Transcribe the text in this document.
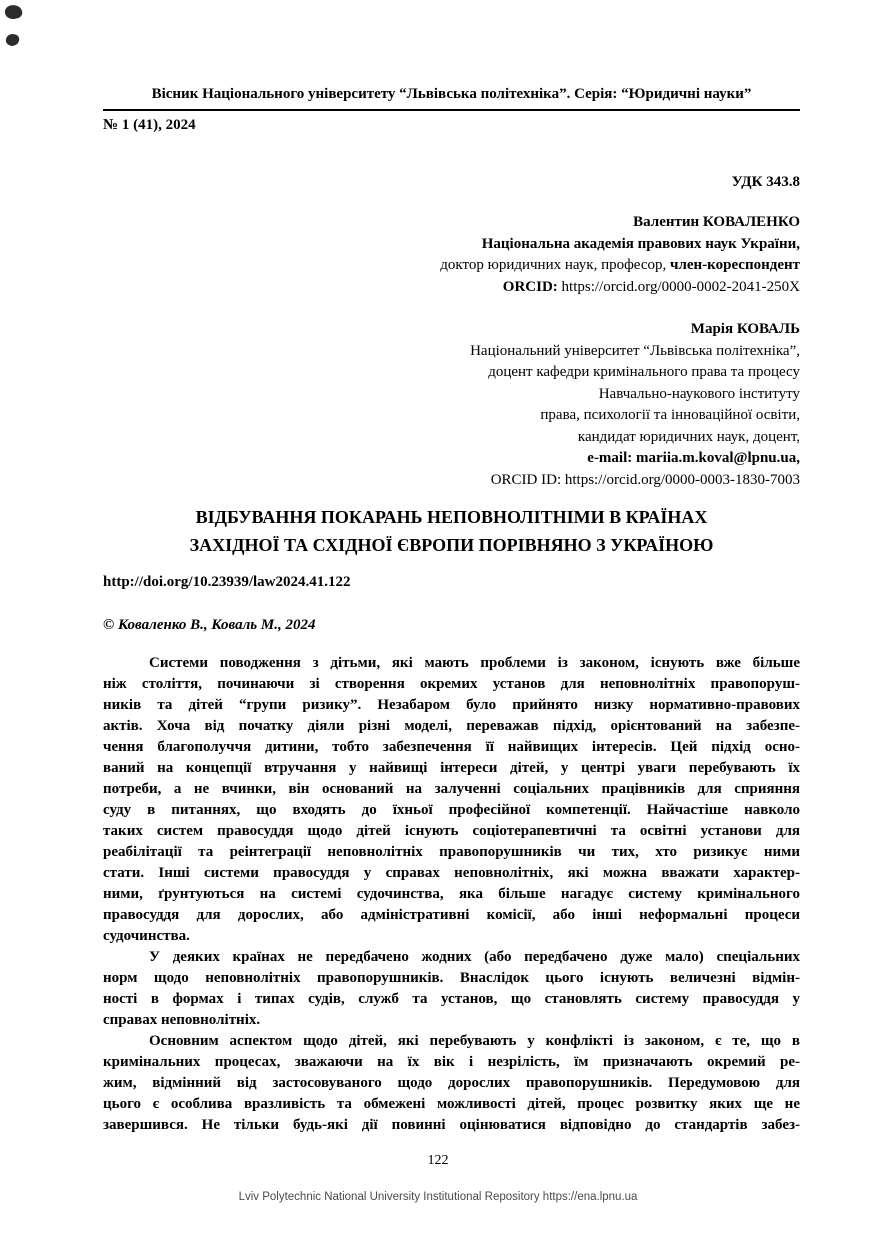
Вісник Національного університету “Львівська політехніка”. Серія: “Юридичні науки”
№ 1 (41), 2024
УДК 343.8
Валентин КОВАЛЕНКО
Національна академія правових наук України,
доктор юридичних наук, професор, член-кореспондент
ORCID: https://orcid.org/0000-0002-2041-250X
Марія КОВАЛЬ
Національний університет “Львівська політехніка”,
доцент кафедри кримінального права та процесу
Навчально-наукового інституту
права, психології та інноваційної освіти,
кандидат юридичних наук, доцент,
e-mail: mariia.m.koval@lpnu.ua,
ORCID ID: https://orcid.org/0000-0003-1830-7003
ВІДБУВАННЯ ПОКАРАНЬ НЕПОВНОЛІТНІМИ В КРАЇНАХ
ЗАХІДНОЇ ТА СХІДНОЇ ЄВРОПИ ПОРІВНЯНО З УКРАЇНОЮ
http://doi.org/10.23939/law2024.41.122
© Коваленко В., Коваль М., 2024
Системи поводження з дітьми, які мають проблеми із законом, існують вже більше
ніж століття, починаючи зі створення окремих установ для неповнолітніх правопоруш-
ників та дітей “групи ризику”. Незабаром було прийнято низку нормативно-правових
актів. Хоча від початку діяли різні моделі, переважав підхід, орієнтований на забезпе-
чення благополуччя дитини, тобто забезпечення її найвищих інтересів. Цей підхід осно-
ваний на концепції втручання у найвищі інтереси дітей, у центрі уваги перебувають їх
потреби, а не вчинки, він оснований на залученні соціальних працівників для сприяння
суду в питаннях, що входять до їхньої професійної компетенції. Найчастіше навколо
таких систем правосуддя щодо дітей існують соціотерапевтичні та освітні установи для
реабілітації та реінтеграції неповнолітніх правопорушників чи тих, хто ризикує ними
стати. Інші системи правосуддя у справах неповнолітніх, які можна вважати характер-
ними, ґрунтуються на системі судочинства, яка більше нагадує систему кримінального
правосуддя для дорослих, або адміністративні комісії, або інші неформальні процеси
судочинства.
У деяких країнах не передбачено жодних (або передбачено дуже мало) спеціальних
норм щодо неповнолітніх правопорушників. Внаслідок цього існують величезні відмін-
ності в формах і типах судів, служб та установ, що становлять систему правосуддя у
справах неповнолітніх.
Основним аспектом щодо дітей, які перебувають у конфлікті із законом, є те, що в
кримінальних процесах, зважаючи на їх вік і незрілість, їм призначають окремий ре-
жим, відмінний від застосовуваного щодо дорослих правопорушників. Передумовою для
цього є особлива вразливість та обмежені можливості дітей, процес розвитку яких ще не
завершився. Не тільки будь-які дії повинні оцінюватися відповідно до стандартів забез-
122
Lviv Polytechnic National University Institutional Repository https://ena.lpnu.ua
